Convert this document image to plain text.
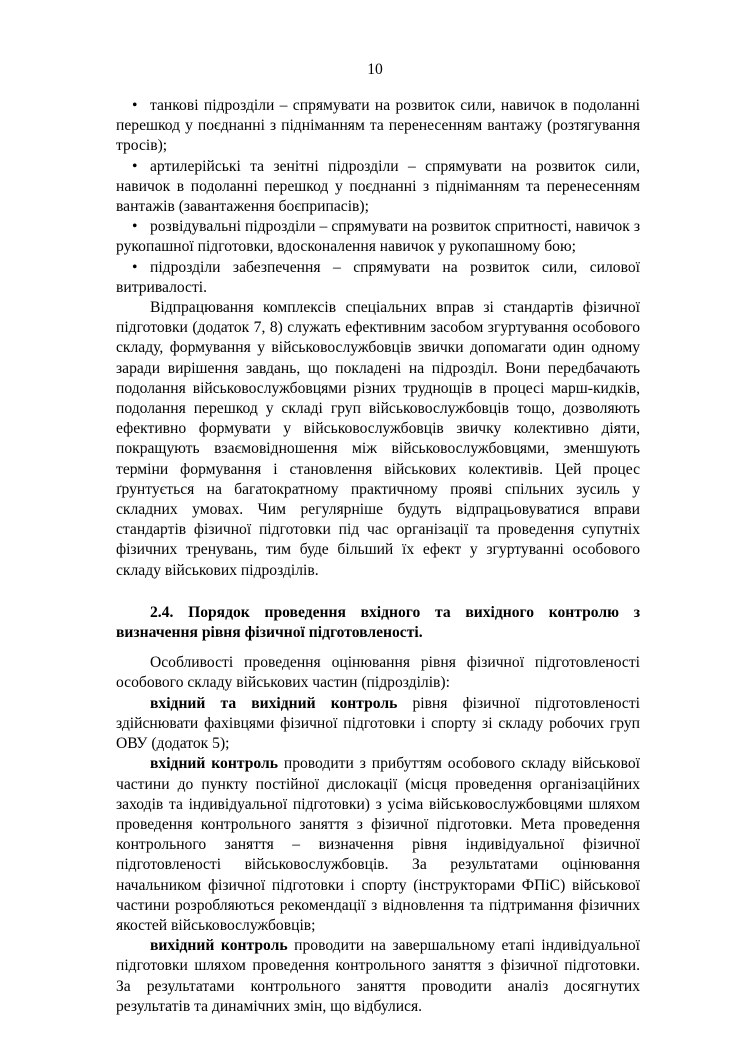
10

• танкові підрозділи – спрямувати на розвиток сили, навичок в подоланні перешкод у поєднанні з підніманням та перенесенням вантажу (розтягування тросів);

• артилерійські та зенітні підрозділи – спрямувати на розвиток сили, навичок в подоланні перешкод у поєднанні з підніманням та перенесенням вантажів (завантаження боєприпасів);

• розвідувальні підрозділи – спрямувати на розвиток спритності, навичок з рукопашної підготовки, вдосконалення навичок у рукопашному бою;

• підрозділи забезпечення – спрямувати на розвиток сили, силової витривалості.

Відпрацювання комплексів спеціальних вправ зі стандартів фізичної підготовки (додаток 7, 8) служать ефективним засобом згуртування особового складу, формування у військовослужбовців звички допомагати один одному заради вирішення завдань, що покладені на підрозділ. Вони передбачають подолання військовослужбовцями різних труднощів в процесі марш-кидків, подолання перешкод у складі груп військовослужбовців тощо, дозволяють ефективно формувати у військовослужбовців звичку колективно діяти, покращують взаємовідношення між військовослужбовцями, зменшують терміни формування і становлення військових колективів. Цей процес ґрунтується на багатократному практичному прояві спільних зусиль у складних умовах. Чим регулярніше будуть відпрацьовуватися вправи стандартів фізичної підготовки під час організації та проведення супутніх фізичних тренувань, тим буде більший їх ефект у згуртуванні особового складу військових підрозділів.

2.4. Порядок проведення вхідного та вихідного контролю з визначення рівня фізичної підготовленості.

Особливості проведення оцінювання рівня фізичної підготовленості особового складу військових частин (підрозділів):

вхідний та вихідний контроль рівня фізичної підготовленості здійснювати фахівцями фізичної підготовки і спорту зі складу робочих груп ОВУ (додаток 5);

вхідний контроль проводити з прибуттям особового складу військової частини до пункту постійної дислокації (місця проведення організаційних заходів та індивідуальної підготовки) з усіма військовослужбовцями шляхом проведення контрольного заняття з фізичної підготовки. Мета проведення контрольного заняття – визначення рівня індивідуальної фізичної підготовленості військовослужбовців. За результатами оцінювання начальником фізичної підготовки і спорту (інструкторами ФПіС) військової частини розробляються рекомендації з відновлення та підтримання фізичних якостей військовослужбовців;

вихідний контроль проводити на завершальному етапі індивідуальної підготовки шляхом проведення контрольного заняття з фізичної підготовки. За результатами контрольного заняття проводити аналіз досягнутих результатів та динамічних змін, що відбулися.
